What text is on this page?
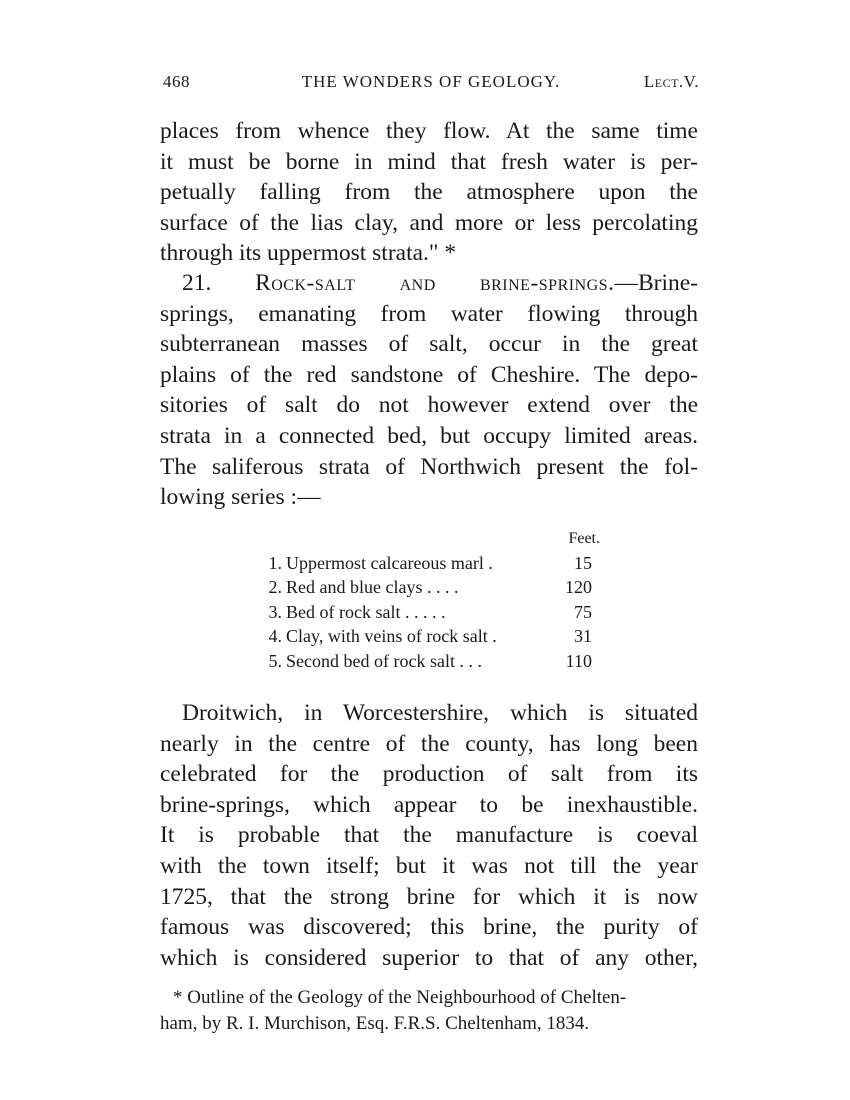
468	THE WONDERS OF GEOLOGY.	Lect.V.

places from whence they flow. At the same time
it must be borne in mind that fresh water is per-
petually falling from the atmosphere upon the
surface of the lias clay, and more or less percolating
through its uppermost strata." *

21. Rock-salt and brine-springs.—Brine-
springs, emanating from water flowing through
subterranean masses of salt, occur in the great
plains of the red sandstone of Cheshire. The depo-
sitories of salt do not however extend over the
strata in a connected bed, but occupy limited areas.
The saliferous strata of Northwich present the fol-
lowing series :—

Feet.
1. Uppermost calcareous marl .	15
2. Red and blue clays . . . .	120
3. Bed of rock salt . . . . .	75
4. Clay, with veins of rock salt .	31
5. Second bed of rock salt . . .	110

Droitwich, in Worcestershire, which is situated
nearly in the centre of the county, has long been
celebrated for the production of salt from its
brine-springs, which appear to be inexhaustible.
It is probable that the manufacture is coeval
with the town itself; but it was not till the year
1725, that the strong brine for which it is now
famous was discovered; this brine, the purity of
which is considered superior to that of any other,

* Outline of the Geology of the Neighbourhood of Chelten-
ham, by R. I. Murchison, Esq. F.R.S. Cheltenham, 1834.
